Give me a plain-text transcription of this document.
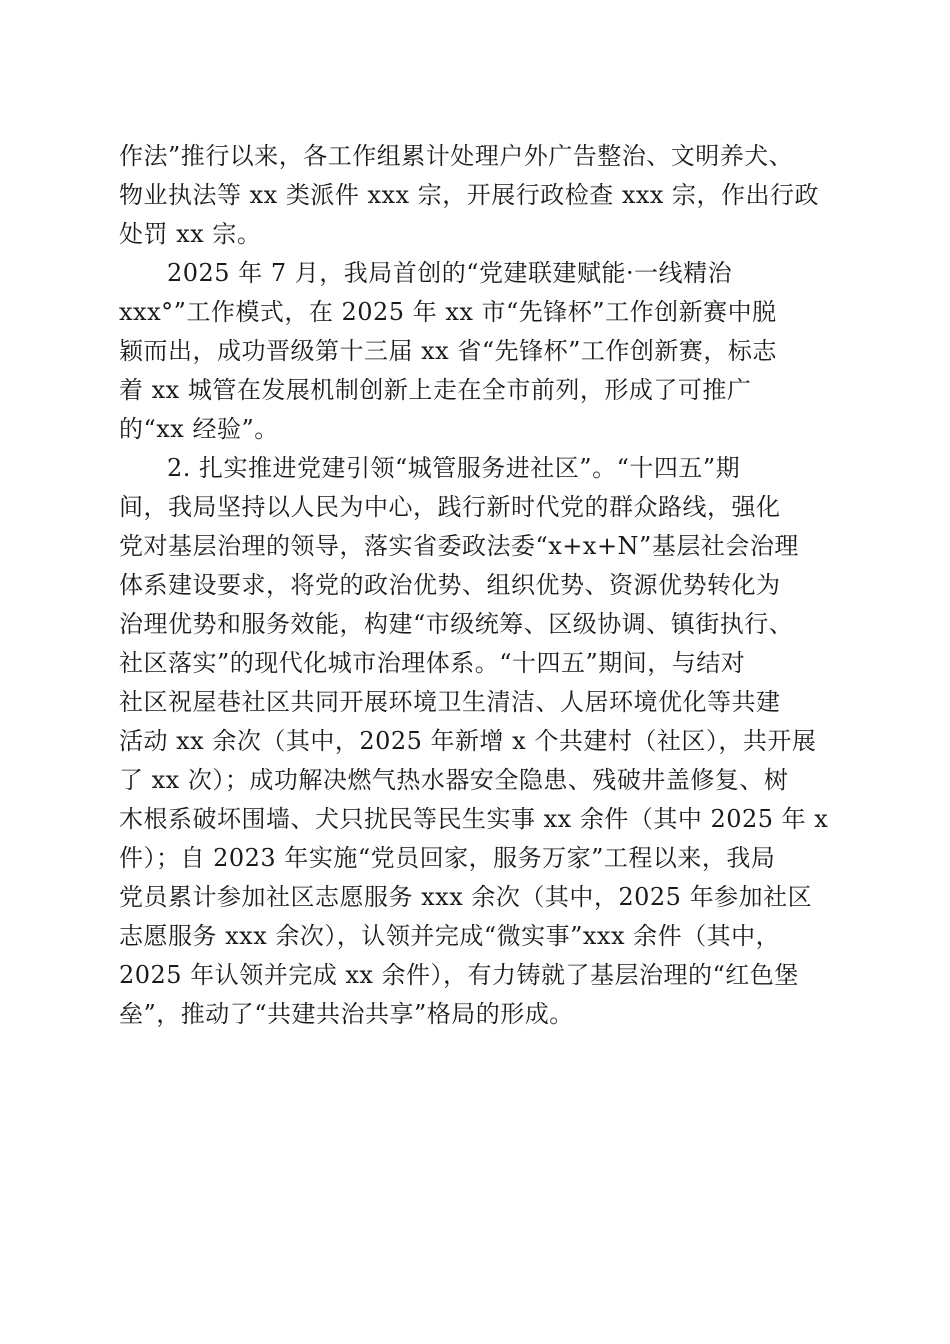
作法”推行以来，各工作组累计处理户外广告整治、文明养犬、
物业执法等 xx 类派件 xxx 宗，开展行政检查 xxx 宗，作出行政
处罚 xx 宗。
2025 年 7 月，我局首创的“党建联建赋能·一线精治
xxx°”工作模式，在 2025 年 xx 市“先锋杯”工作创新赛中脱
颖而出，成功晋级第十三届 xx 省“先锋杯”工作创新赛，标志
着 xx 城管在发展机制创新上走在全市前列，形成了可推广
的“xx 经验”。
2. 扎实推进党建引领“城管服务进社区”。“十四五”期
间，我局坚持以人民为中心，践行新时代党的群众路线，强化
党对基层治理的领导，落实省委政法委“x+x+N”基层社会治理
体系建设要求，将党的政治优势、组织优势、资源优势转化为
治理优势和服务效能，构建“市级统筹、区级协调、镇街执行、
社区落实”的现代化城市治理体系。“十四五”期间，与结对
社区祝屋巷社区共同开展环境卫生清洁、人居环境优化等共建
活动 xx 余次（其中，2025 年新增 x 个共建村（社区），共开展
了 xx 次）；成功解决燃气热水器安全隐患、残破井盖修复、树
木根系破坏围墙、犬只扰民等民生实事 xx 余件（其中 2025 年 x
件）；自 2023 年实施“党员回家，服务万家”工程以来，我局
党员累计参加社区志愿服务 xxx 余次（其中，2025 年参加社区
志愿服务 xxx 余次），认领并完成“微实事”xxx 余件（其中，
2025 年认领并完成 xx 余件），有力铸就了基层治理的“红色堡
垒”，推动了“共建共治共享”格局的形成。
